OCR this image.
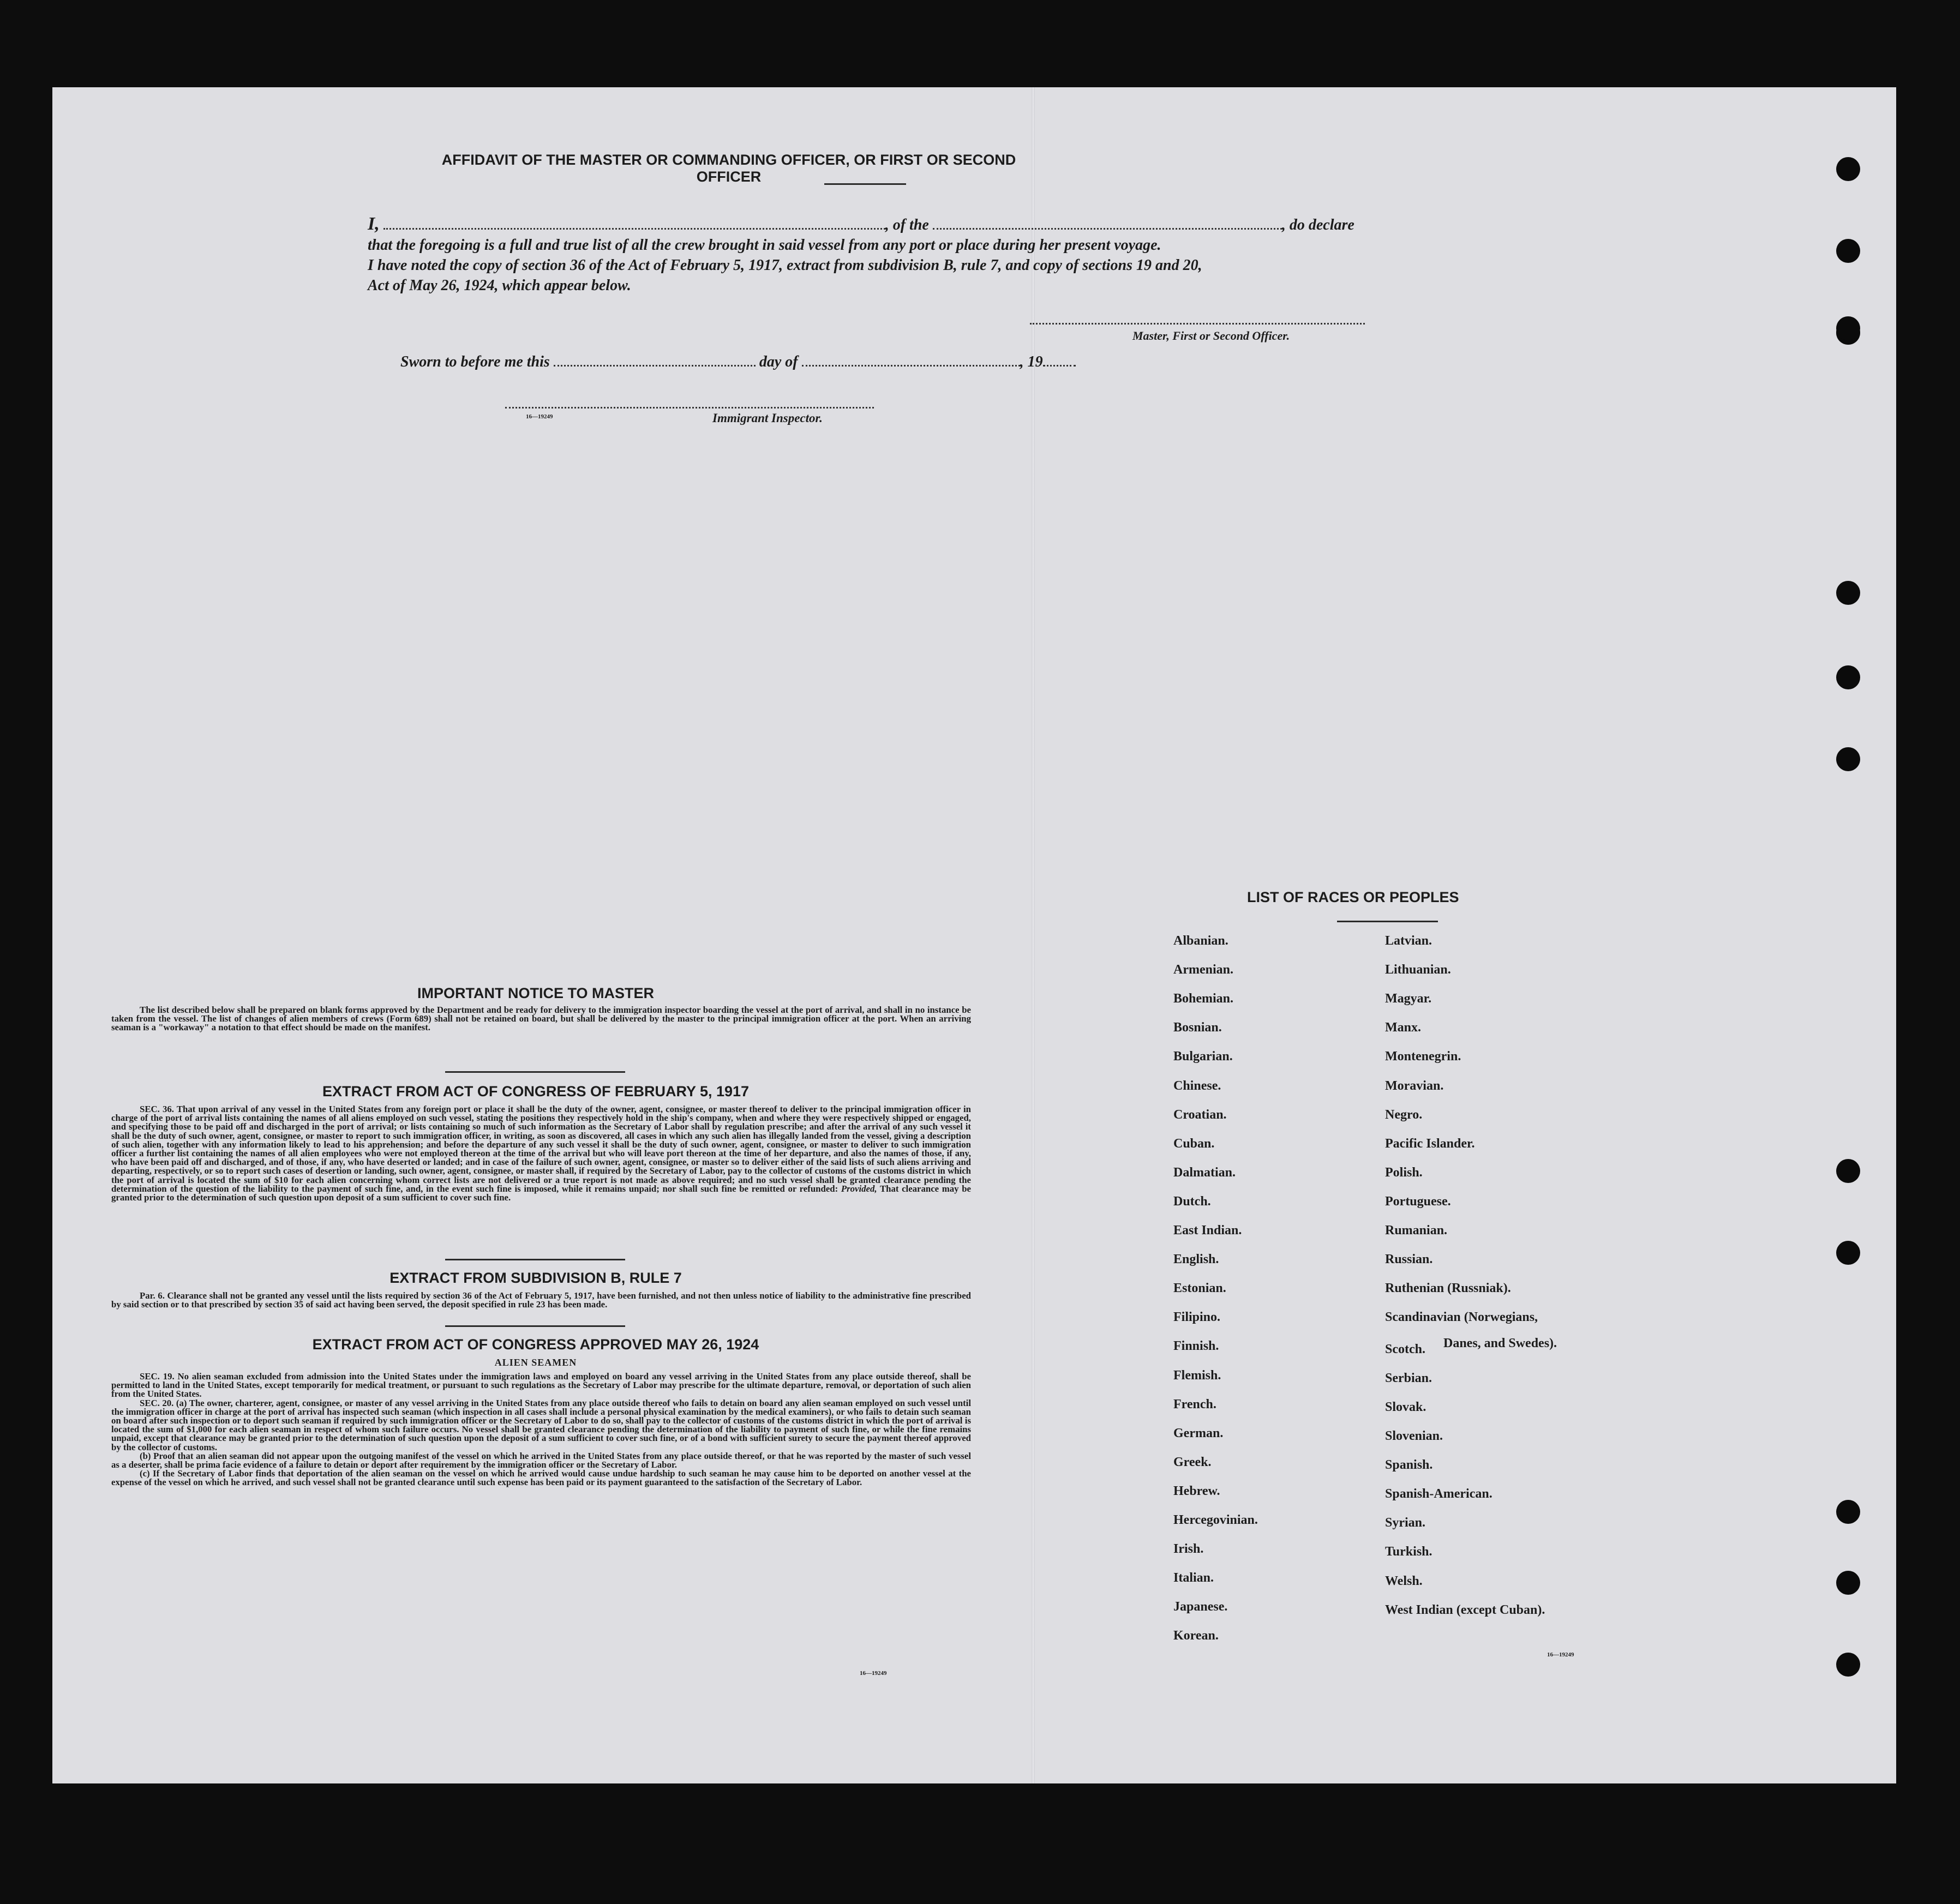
AFFIDAVIT OF THE MASTER OR COMMANDING OFFICER, OR FIRST OR SECOND OFFICER
I,	, of the	, do declare
that the foregoing is a full and true list of all the crew brought in said vessel from any port or place during her present voyage.
I have noted the copy of section 36 of the Act of February 5, 1917, extract from subdivision B, rule 7, and copy of sections 19 and 20,
Act of May 26, 1924, which appear below.
Master, First or Second Officer.
Sworn to before me this	day of	, 19
16—19249	Immigrant Inspector.
IMPORTANT NOTICE TO MASTER

The list described below shall be prepared on blank forms approved by the Department and be ready for delivery to the immigration inspector boarding the vessel at the port of arrival, and shall in no instance be taken from the vessel. The list of changes of alien members of crews (Form 689) shall not be retained on board, but shall be delivered by the master to the principal immigration officer at the port. When an arriving seaman is a "workaway" a notation to that effect should be made on the manifest.

EXTRACT FROM ACT OF CONGRESS OF FEBRUARY 5, 1917

SEC. 36. That upon arrival of any vessel in the United States from any foreign port or place it shall be the duty of the owner, agent, consignee, or master thereof to deliver to the principal immigration officer in charge of the port of arrival lists containing the names of all aliens employed on such vessel, stating the positions they respectively hold in the ship's company, when and where they were respectively shipped or engaged, and specifying those to be paid off and discharged in the port of arrival; or lists containing so much of such information as the Secretary of Labor shall by regulation prescribe; and after the arrival of any such vessel it shall be the duty of such owner, agent, consignee, or master to report to such immigration officer, in writing, as soon as discovered, all cases in which any such alien has illegally landed from the vessel, giving a description of such alien, together with any information likely to lead to his apprehension; and before the departure of any such vessel it shall be the duty of such owner, agent, consignee, or master to deliver to such immigration officer a further list containing the names of all alien employees who were not employed thereon at the time of the arrival but who will leave port thereon at the time of her departure, and also the names of those, if any, who have been paid off and discharged, and of those, if any, who have deserted or landed; and in case of the failure of such owner, agent, consignee, or master so to deliver either of the said lists of such aliens arriving and departing, respectively, or so to report such cases of desertion or landing, such owner, agent, consignee, or master shall, if required by the Secretary of Labor, pay to the collector of customs of the customs district in which the port of arrival is located the sum of $10 for each alien concerning whom correct lists are not delivered or a true report is not made as above required; and no such vessel shall be granted clearance pending the determination of the question of the liability to the payment of such fine, and, in the event such fine is imposed, while it remains unpaid; nor shall such fine be remitted or refunded: Provided, That clearance may be granted prior to the determination of such question upon deposit of a sum sufficient to cover such fine.

EXTRACT FROM SUBDIVISION B, RULE 7

Par. 6. Clearance shall not be granted any vessel until the lists required by section 36 of the Act of February 5, 1917, have been furnished, and not then unless notice of liability to the administrative fine prescribed by said section or to that prescribed by section 35 of said act having been served, the deposit specified in rule 23 has been made.

EXTRACT FROM ACT OF CONGRESS APPROVED MAY 26, 1924
ALIEN SEAMEN

SEC. 19. No alien seaman excluded from admission into the United States under the immigration laws and employed on board any vessel arriving in the United States from any place outside thereof, shall be permitted to land in the United States, except temporarily for medical treatment, or pursuant to such regulations as the Secretary of Labor may prescribe for the ultimate departure, removal, or deportation of such alien from the United States.

SEC. 20. (a) The owner, charterer, agent, consignee, or master of any vessel arriving in the United States from any place outside thereof who fails to detain on board any alien seaman employed on such vessel until the immigration officer in charge at the port of arrival has inspected such seaman (which inspection in all cases shall include a personal physical examination by the medical examiners), or who fails to detain such seaman on board after such inspection or to deport such seaman if required by such immigration officer or the Secretary of Labor to do so, shall pay to the collector of customs of the customs district in which the port of arrival is located the sum of $1,000 for each alien seaman in respect of whom such failure occurs. No vessel shall be granted clearance pending the determination of the liability to payment of such fine, or while the fine remains unpaid, except that clearance may be granted prior to the determination of such question upon the deposit of a sum sufficient to cover such fine, or of a bond with sufficient surety to secure the payment thereof approved by the collector of customs.

(b) Proof that an alien seaman did not appear upon the outgoing manifest of the vessel on which he arrived in the United States from any place outside thereof, or that he was reported by the master of such vessel as a deserter, shall be prima facie evidence of a failure to detain or deport after requirement by the immigration officer or the Secretary of Labor.

(c) If the Secretary of Labor finds that deportation of the alien seaman on the vessel on which he arrived would cause undue hardship to such seaman he may cause him to be deported on another vessel at the expense of the vessel on which he arrived, and such vessel shall not be granted clearance until such expense has been paid or its payment guaranteed to the satisfaction of the Secretary of Labor.

16—19249
LIST OF RACES OR PEOPLES
Danes, and Swedes).
16—19249
Albanian.
Armenian.
Bohemian.
Bosnian.
Bulgarian.
Chinese.
Croatian.
Cuban.
Dalmatian.
Dutch.
East Indian.
English.
Estonian.
Filipino.
Finnish.
Flemish.
French.
German.
Greek.
Hebrew.
Hercegovinian.
Irish.
Italian.
Japanese.
Korean.
Latvian.
Lithuanian.
Magyar.
Manx.
Montenegrin.
Moravian.
Negro.
Pacific Islander.
Polish.
Portuguese.
Rumanian.
Russian.
Ruthenian (Russniak).
Scandinavian (Norwegians,
Scotch.
Serbian.
Slovak.
Slovenian.
Spanish.
Spanish-American.
Syrian.
Turkish.
Welsh.
West Indian (except Cuban).
